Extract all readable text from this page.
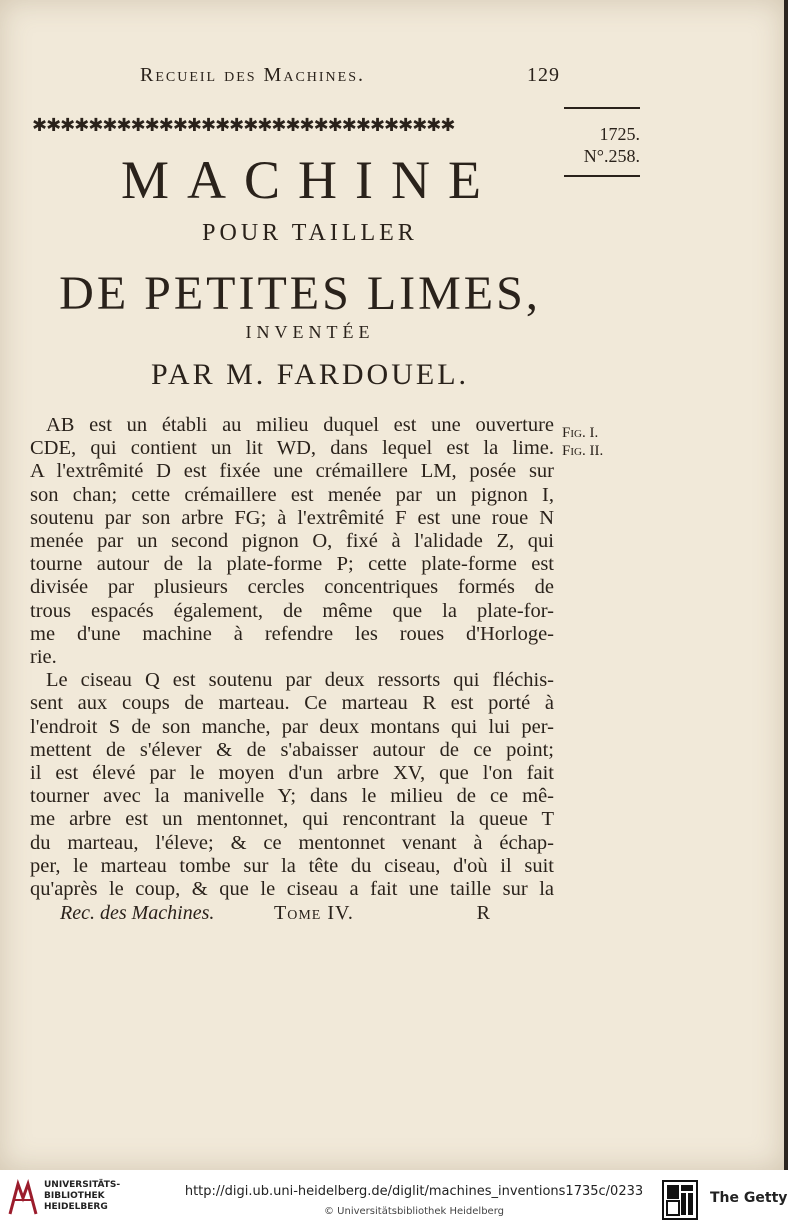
Recueil des Machines.	129
✱✱✱✱✱✱✱✱✱✱✱✱✱✱✱✱✱✱✱✱✱✱✱✱✱✱✱✱✱✱	1725.
N°.258.
MACHINE
POUR TAILLER
DE PETITES LIMES,
INVENTÉE
PAR M. FARDOUEL.
Fig. I.
Fig. II.

AB est un établi au milieu duquel est une ouverture

CDE, qui contient un lit WD, dans lequel est la lime.

A l'extrêmité D est fixée une crémaillere LM, posée sur

son chan; cette crémaillere est menée par un pignon I,

soutenu par son arbre FG; à l'extrêmité F est une roue N

menée par un second pignon O, fixé à l'alidade Z, qui

tourne autour de la plate-forme P; cette plate-forme est

divisée par plusieurs cercles concentriques formés de

trous espacés également, de même que la plate-for-

me d'une machine à refendre les roues d'Horloge-

rie.

Le ciseau Q est soutenu par deux ressorts qui fléchis-

sent aux coups de marteau. Ce marteau R est porté à

l'endroit S de son manche, par deux montans qui lui per-

mettent de s'élever & de s'abaisser autour de ce point;

il est élevé par le moyen d'un arbre XV, que l'on fait

tourner avec la manivelle Y; dans le milieu de ce mê-

me arbre est un mentonnet, qui rencontrant la queue T

du marteau, l'éleve; & ce mentonnet venant à échap-

per, le marteau tombe sur la tête du ciseau, d'où il suit

qu'après le coup, & que le ciseau a fait une taille sur la

Rec. des Machines.	Tome IV.	R
UNIVERSITÄTS-
BIBLIOTHEK
HEIDELBERG
http://digi.ub.uni-heidelberg.de/diglit/machines_inventions1735c/0233
© Universitätsbibliothek Heidelberg
The Getty
